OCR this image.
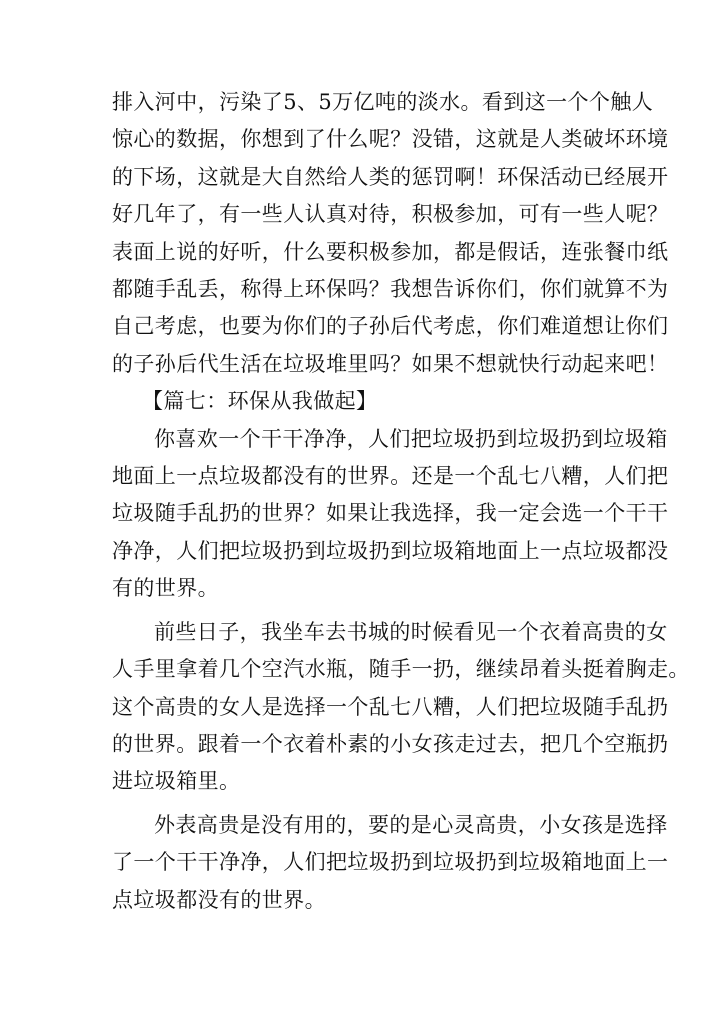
排入河中，污染了5、5万亿吨的淡水。看到这一个个触人
惊心的数据，你想到了什么呢？没错，这就是人类破坏环境
的下场，这就是大自然给人类的惩罚啊！环保活动已经展开
好几年了，有一些人认真对待，积极参加，可有一些人呢？
表面上说的好听，什么要积极参加，都是假话，连张餐巾纸
都随手乱丢，称得上环保吗？我想告诉你们，你们就算不为
自己考虑，也要为你们的子孙后代考虑，你们难道想让你们
的子孙后代生活在垃圾堆里吗？如果不想就快行动起来吧！

【篇七：环保从我做起】

你喜欢一个干干净净，人们把垃圾扔到垃圾扔到垃圾箱
地面上一点垃圾都没有的世界。还是一个乱七八糟，人们把
垃圾随手乱扔的世界？如果让我选择，我一定会选一个干干
净净，人们把垃圾扔到垃圾扔到垃圾箱地面上一点垃圾都没
有的世界。

前些日子，我坐车去书城的时候看见一个衣着高贵的女
人手里拿着几个空汽水瓶，随手一扔，继续昂着头挺着胸走。
这个高贵的女人是选择一个乱七八糟，人们把垃圾随手乱扔
的世界。跟着一个衣着朴素的小女孩走过去，把几个空瓶扔
进垃圾箱里。

外表高贵是没有用的，要的是心灵高贵，小女孩是选择
了一个干干净净，人们把垃圾扔到垃圾扔到垃圾箱地面上一
点垃圾都没有的世界。
